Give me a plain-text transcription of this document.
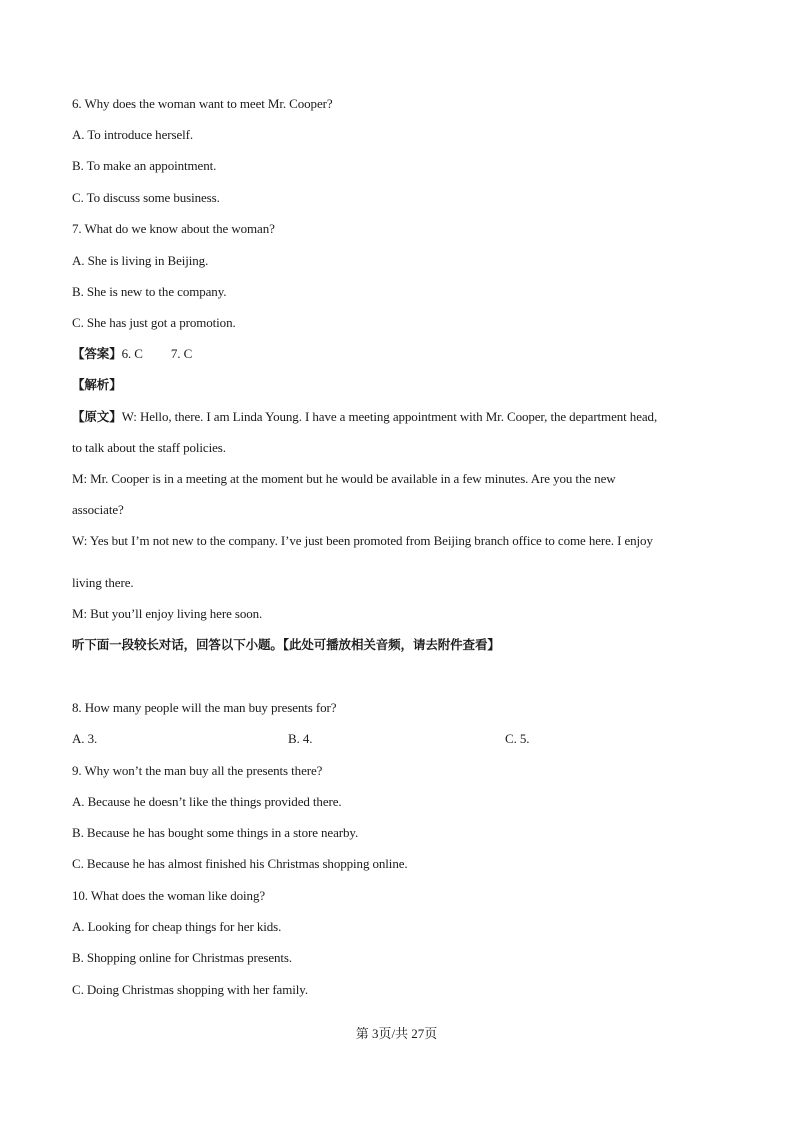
6. Why does the woman want to meet Mr. Cooper?
A. To introduce herself.
B. To make an appointment.
C. To discuss some business.
7. What do we know about the woman?
A. She is living in Beijing.
B. She is new to the company.
C. She has just got a promotion.
【答案】6. C 7. C
【解析】
【原文】W: Hello, there. I am Linda Young. I have a meeting appointment with Mr. Cooper, the department head,
to talk about the staff policies.
M: Mr. Cooper is in a meeting at the moment but he would be available in a few minutes. Are you the new
associate?
W: Yes but I’m not new to the company. I’ve just been promoted from Beijing branch office to come here. I enjoy
living there.
M: But you’ll enjoy living here soon.
听下面一段较长对话，回答以下小题。【此处可播放相关音频，请去附件查看】
8. How many people will the man buy presents for?
A. 3.	B. 4.	C. 5.
9. Why won’t the man buy all the presents there?
A. Because he doesn’t like the things provided there.
B. Because he has bought some things in a store nearby.
C. Because he has almost finished his Christmas shopping online.
10. What does the woman like doing?
A. Looking for cheap things for her kids.
B. Shopping online for Christmas presents.
C. Doing Christmas shopping with her family.
第 3页/共 27页
